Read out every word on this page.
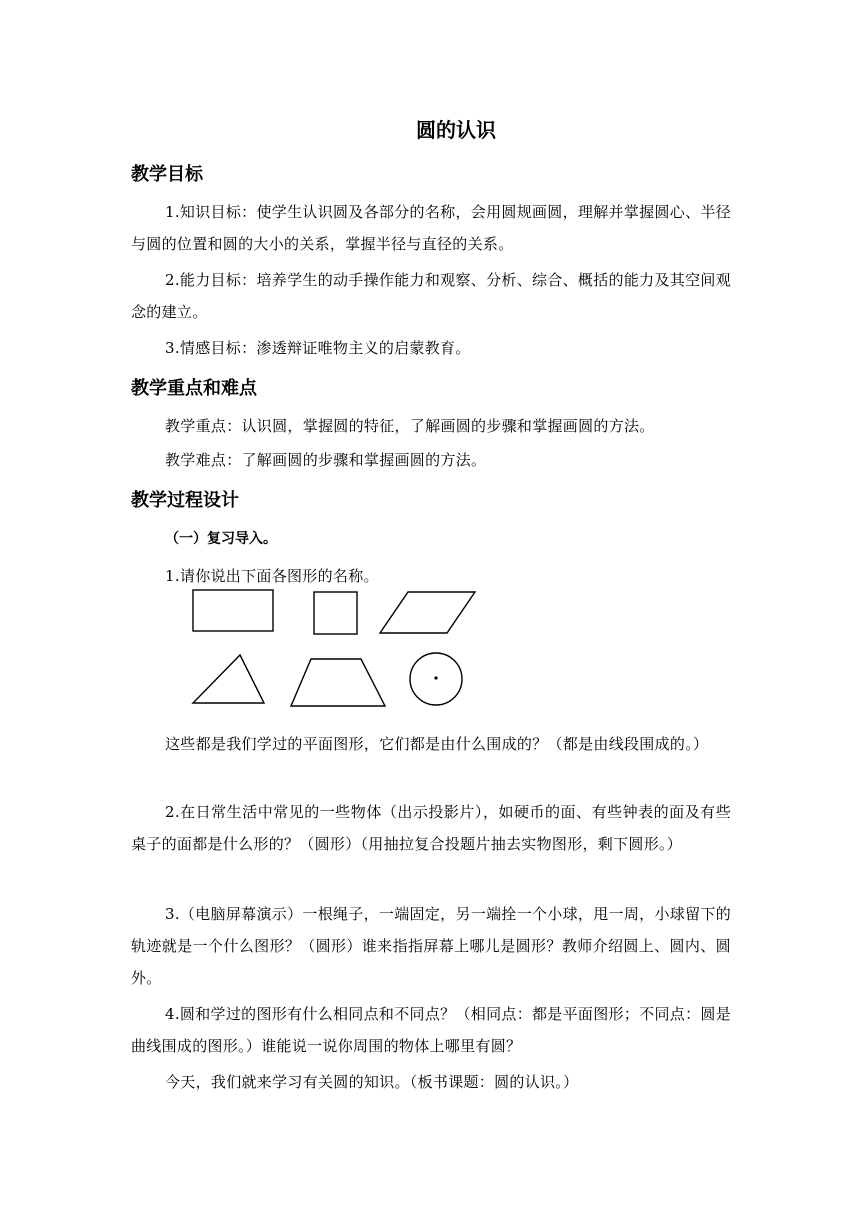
圆的认识
教学目标
1.知识目标：使学生认识圆及各部分的名称，会用圆规画圆，理解并掌握圆心、半径与圆的位置和圆的大小的关系，掌握半径与直径的关系。
2.能力目标：培养学生的动手操作能力和观察、分析、综合、概括的能力及其空间观念的建立。
3.情感目标：渗透辩证唯物主义的启蒙教育。
教学重点和难点
教学重点：认识圆，掌握圆的特征，了解画圆的步骤和掌握画圆的方法。
教学难点：了解画圆的步骤和掌握画圆的方法。
教学过程设计
（一）复习导入。
1.请你说出下面各图形的名称。
这些都是我们学过的平面图形，它们都是由什么围成的？（都是由线段围成的。）
2.在日常生活中常见的一些物体（出示投影片），如硬币的面、有些钟表的面及有些桌子的面都是什么形的？（圆形）（用抽拉复合投题片抽去实物图形，剩下圆形。）
3.（电脑屏幕演示）一根绳子，一端固定，另一端拴一个小球，甩一周，小球留下的轨迹就是一个什么图形？（圆形）谁来指指屏幕上哪儿是圆形？教师介绍圆上、圆内、圆外。
4.圆和学过的图形有什么相同点和不同点？（相同点：都是平面图形；不同点：圆是曲线围成的图形。）谁能说一说你周围的物体上哪里有圆？
今天，我们就来学习有关圆的知识。（板书课题：圆的认识。）
